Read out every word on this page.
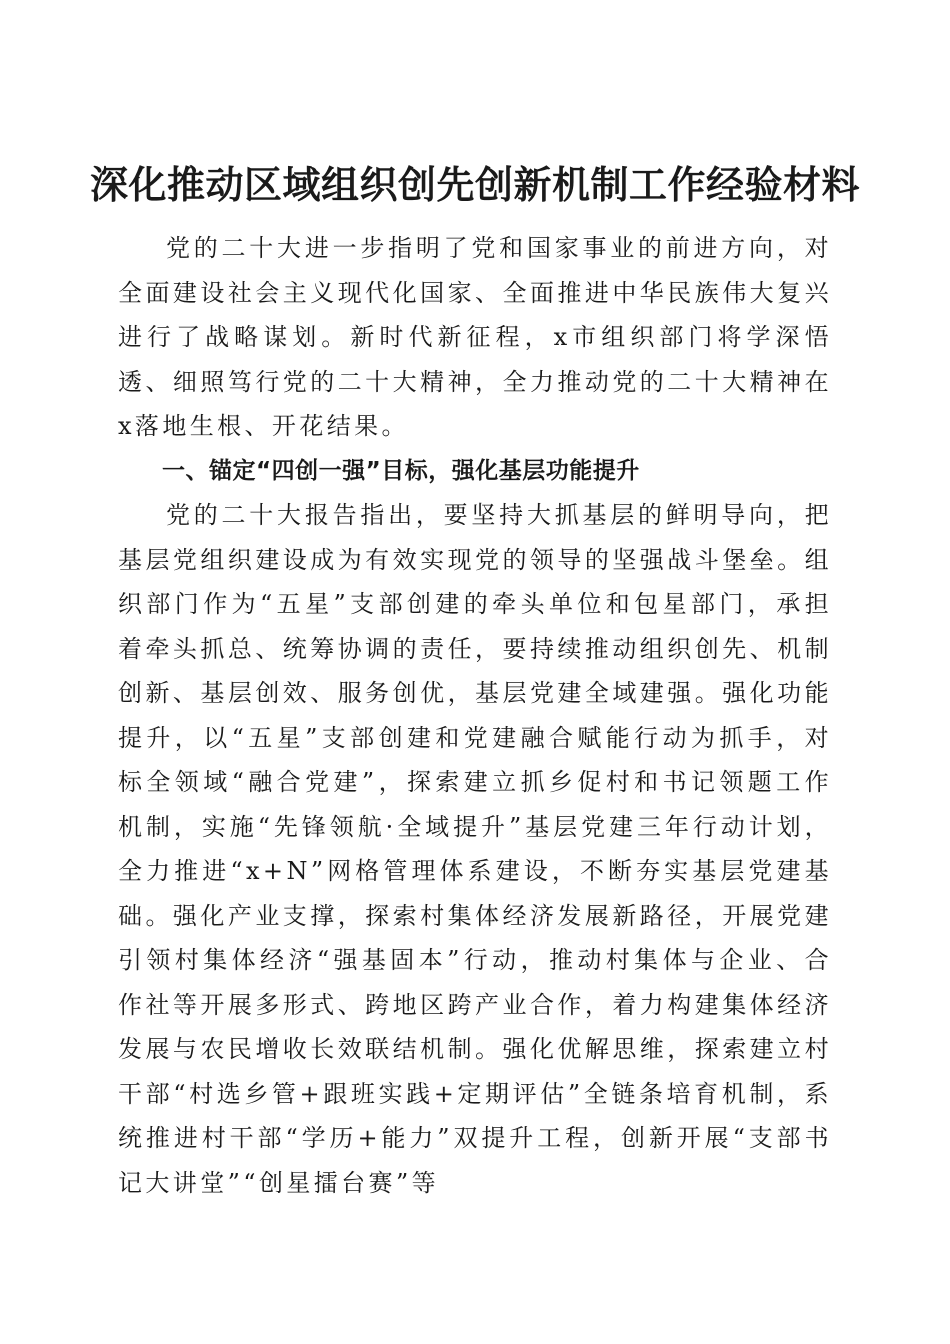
深化推动区域组织创先创新机制工作经验材料

党的二十大进一步指明了党和国家事业的前进方向，对全面建设社会主义现代化国家、全面推进中华民族伟大复兴进行了战略谋划。新时代新征程，x市组织部门将学深悟透、细照笃行党的二十大精神，全力推动党的二十大精神在x落地生根、开花结果。

一、锚定“四创一强”目标，强化基层功能提升

党的二十大报告指出，要坚持大抓基层的鲜明导向，把基层党组织建设成为有效实现党的领导的坚强战斗堡垒。组织部门作为“五星”支部创建的牵头单位和包星部门，承担着牵头抓总、统筹协调的责任，要持续推动组织创先、机制创新、基层创效、服务创优，基层党建全域建强。强化功能提升，以“五星”支部创建和党建融合赋能行动为抓手，对标全领域“融合党建”，探索建立抓乡促村和书记领题工作机制，实施“先锋领航·全域提升”基层党建三年行动计划，全力推进“x+N”网格管理体系建设，不断夯实基层党建基础。强化产业支撑，探索村集体经济发展新路径，开展党建引领村集体经济“强基固本”行动，推动村集体与企业、合作社等开展多形式、跨地区跨产业合作，着力构建集体经济发展与农民增收长效联结机制。强化优解思维，探索建立村干部“村选乡管+跟班实践+定期评估”全链条培育机制，系统推进村干部“学历+能力”双提升工程，创新开展“支部书记大讲堂”“创星擂台赛”等
